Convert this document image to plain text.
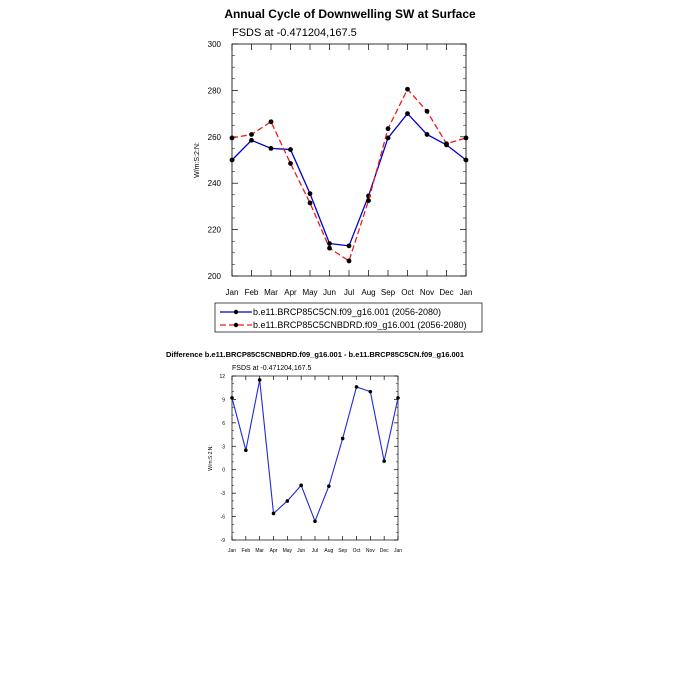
Annual Cycle of Downwelling SW at Surface
FSDS at -0.471204,167.5
W/m:S:2:N:
Jan Feb Mar Apr May Jun Jul Aug Sep Oct Nov Dec Jan
200
220
240
260
280
300
b.e11.BRCP85C5CN.f09_g16.001 (2056-2080)
b.e11.BRCP85C5CNBDRD.f09_g16.001 (2056-2080)
Difference b.e11.BRCP85C5CNBDRD.f09_g16.001 - b.e11.BRCP85C5CN.f09_g16.001
FSDS at -0.471204,167.5
W/m:S:2:N:
Jan Feb Mar Apr May Jun Jul Aug Sep Oct Nov Dec Jan
-9
-6
-3
0
3
6
9
12
